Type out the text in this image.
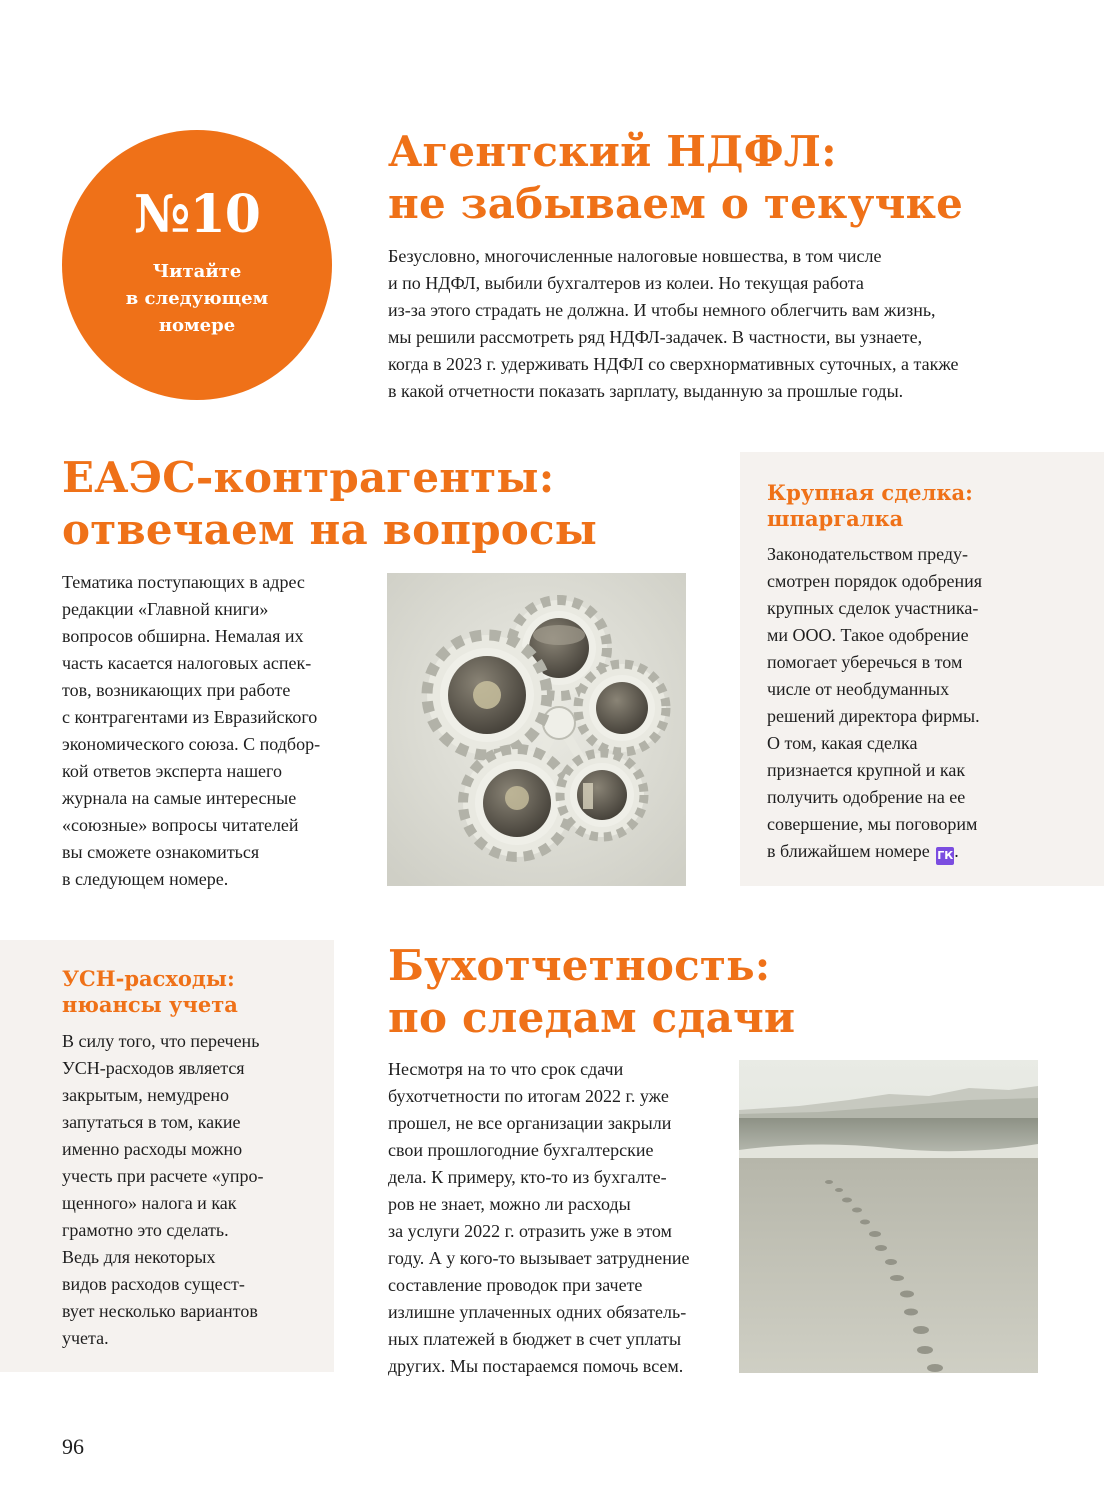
№10
Читайте
в следующем
номере
Агентский НДФЛ:
не забываем о текучке
Безусловно, многочисленные налоговые новшества, в том числе
и по НДФЛ, выбили бухгалтеров из колеи. Но текущая работа
из-за этого страдать не должна. И чтобы немного облегчить вам жизнь,
мы решили рассмотреть ряд НДФЛ-задачек. В частности, вы узнаете,
когда в 2023 г. удерживать НДФЛ со сверхнормативных суточных, а также
в какой отчетности показать зарплату, выданную за прошлые годы.
ЕАЭС-контрагенты:
отвечаем на вопросы
Тематика поступающих в адрес
редакции «Главной книги»
вопросов обширна. Немалая их
часть касается налоговых аспек-
тов, возникающих при работе
с контрагентами из Евразийского
экономического союза. С подбор-
кой ответов эксперта нашего
журнала на самые интересные
«союзные» вопросы читателей
вы сможете ознакомиться
в следующем номере.
Крупная сделка:
шпаргалка
Законодательством преду-
смотрен порядок одобрения
крупных сделок участника-
ми ООО. Такое одобрение
помогает уберечься в том
числе от необдуманных
решений директора фирмы.
О том, какая сделка
признается крупной и как
получить одобрение на ее
совершение, мы поговорим
в ближайшем номере ГК.
УСН-расходы:
нюансы учета
В силу того, что перечень
УСН-расходов является
закрытым, немудрено
запутаться в том, какие
именно расходы можно
учесть при расчете «упро-
щенного» налога и как
грамотно это сделать.
Ведь для некоторых
видов расходов сущест-
вует несколько вариантов
учета.
Бухотчетность:
по следам сдачи
Несмотря на то что срок сдачи
бухотчетности по итогам 2022 г. уже
прошел, не все организации закрыли
свои прошлогодние бухгалтерские
дела. К примеру, кто-то из бухгалте-
ров не знает, можно ли расходы
за услуги 2022 г. отразить уже в этом
году. А у кого-то вызывает затруднение
составление проводок при зачете
излишне уплаченных одних обязатель-
ных платежей в бюджет в счет уплаты
других. Мы постараемся помочь всем.
96
